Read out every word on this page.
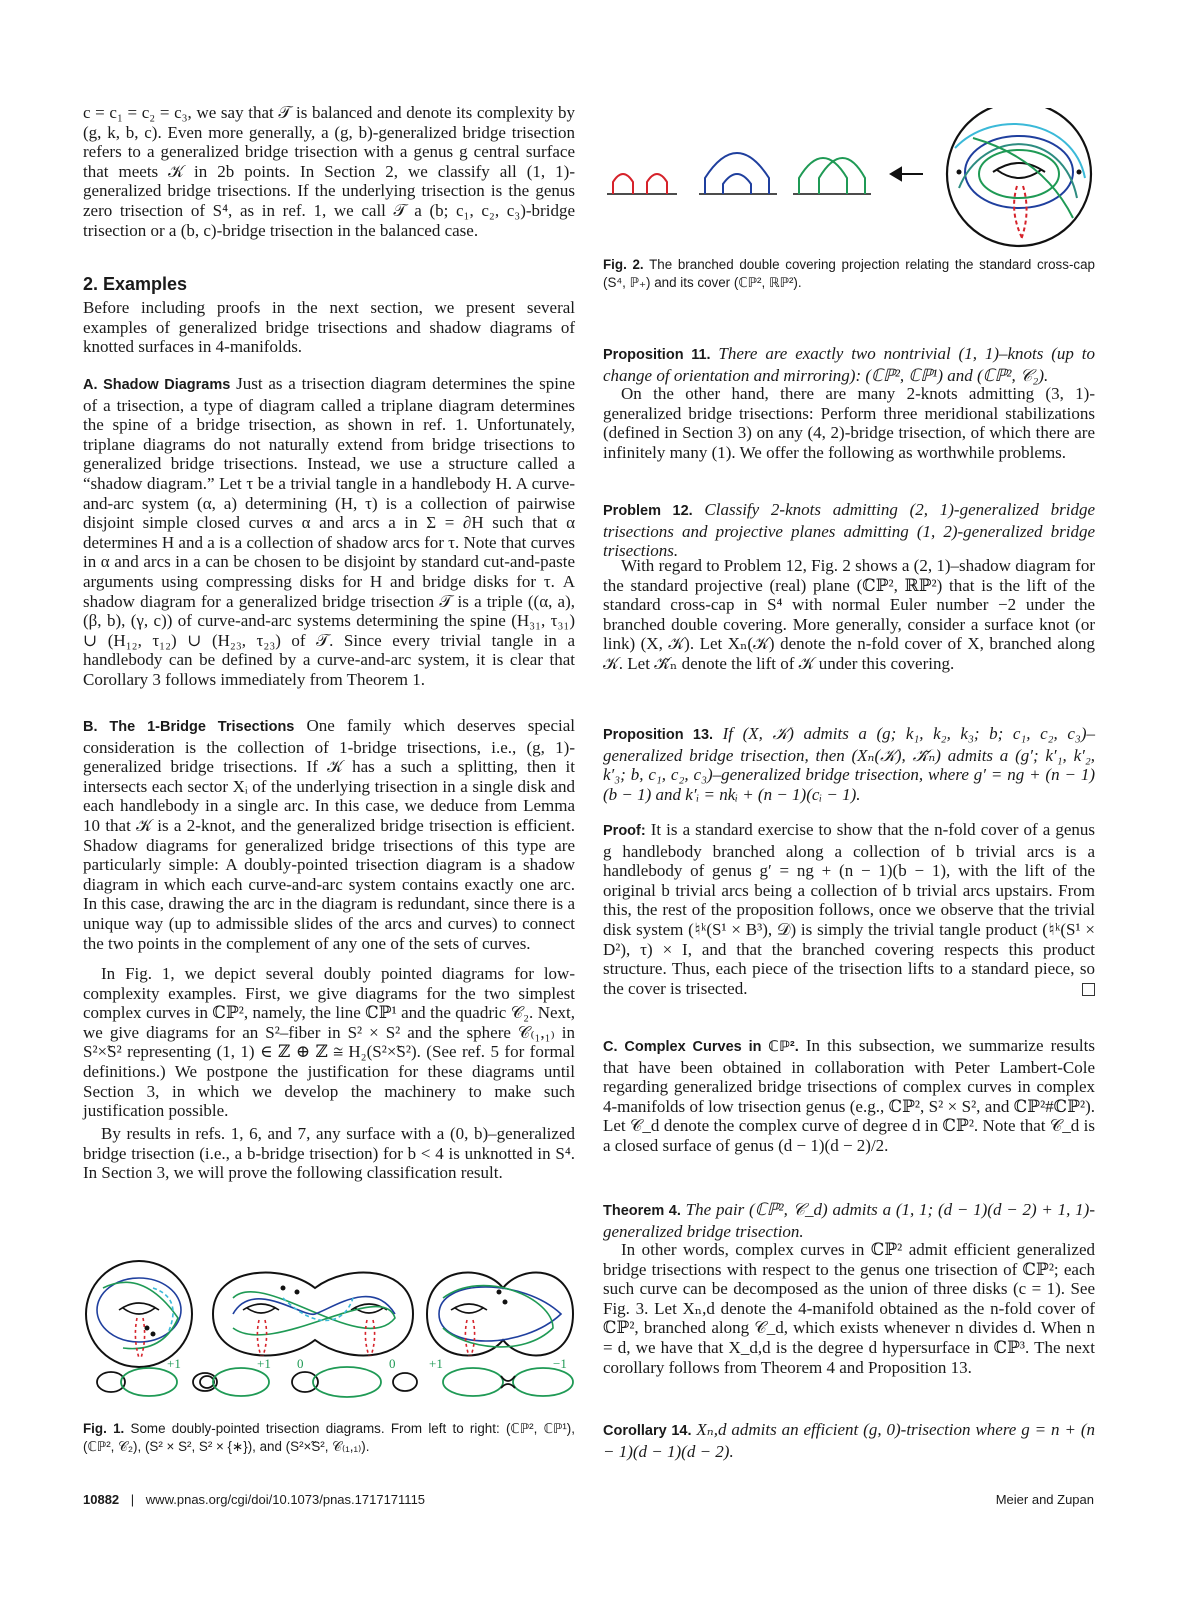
c = c₁ = c₂ = c₃, we say that 𝒯 is balanced and denote its complexity by (g, k, b, c). Even more generally, a (g, b)-generalized bridge trisection refers to a generalized bridge trisection with a genus g central surface that meets 𝒦 in 2b points. In Section 2, we classify all (1, 1)-generalized bridge trisections. If the underlying trisection is the genus zero trisection of S⁴, as in ref. 1, we call 𝒯 a (b; c₁, c₂, c₃)-bridge trisection or a (b, c)-bridge trisection in the balanced case.

2. Examples

Before including proofs in the next section, we present several examples of generalized bridge trisections and shadow diagrams of knotted surfaces in 4-manifolds.

A. Shadow Diagrams Just as a trisection diagram determines the spine of a trisection, a type of diagram called a triplane diagram determines the spine of a bridge trisection, as shown in ref. 1. Unfortunately, triplane diagrams do not naturally extend from bridge trisections to generalized bridge trisections. Instead, we use a structure called a “shadow diagram.” Let τ be a trivial tangle in a handlebody H. A curve-and-arc system (α, a) determining (H, τ) is a collection of pairwise disjoint simple closed curves α and arcs a in Σ = ∂H such that α determines H and a is a collection of shadow arcs for τ. Note that curves in α and arcs in a can be chosen to be disjoint by standard cut-and-paste arguments using compressing disks for H and bridge disks for τ. A shadow diagram for a generalized bridge trisection 𝒯 is a triple ((α, a), (β, b), (γ, c)) of curve-and-arc systems determining the spine (H₃₁, τ₃₁) ∪ (H₁₂, τ₁₂) ∪ (H₂₃, τ₂₃) of 𝒯. Since every trivial tangle in a handlebody can be defined by a curve-and-arc system, it is clear that Corollary 3 follows immediately from Theorem 1.

B. The 1-Bridge Trisections One family which deserves special consideration is the collection of 1-bridge trisections, i.e., (g, 1)-generalized bridge trisections. If 𝒦 has a such a splitting, then it intersects each sector Xᵢ of the underlying trisection in a single disk and each handlebody in a single arc. In this case, we deduce from Lemma 10 that 𝒦 is a 2-knot, and the generalized bridge trisection is efficient. Shadow diagrams for generalized bridge trisections of this type are particularly simple: A doubly-pointed trisection diagram is a shadow diagram in which each curve-and-arc system contains exactly one arc. In this case, drawing the arc in the diagram is redundant, since there is a unique way (up to admissible slides of the arcs and curves) to connect the two points in the complement of any one of the sets of curves.

In Fig. 1, we depict several doubly pointed diagrams for low-complexity examples. First, we give diagrams for the two simplest complex curves in ℂℙ², namely, the line ℂℙ¹ and the quadric 𝒞₂. Next, we give diagrams for an S²–fiber in S² × S² and the sphere 𝒞₍₁,₁₎ in S²×̃S² representing (1, 1) ∈ ℤ ⊕ ℤ ≅ H₂(S²×̃S²). (See ref. 5 for formal definitions.) We postpone the justification for these diagrams until Section 3, in which we develop the machinery to make such justification possible.

By results in refs. 1, 6, and 7, any surface with a (0, b)–generalized bridge trisection (i.e., a b-bridge trisection) for b < 4 is unknotted in S⁴. In Section 3, we will prove the following classification result.

+1	+1 0	0	+1	−1

Fig. 1. Some doubly-pointed trisection diagrams. From left to right: (ℂℙ², ℂℙ¹), (ℂℙ², 𝒞₂), (S² × S², S² × {∗}), and (S²×̃S², 𝒞₍₁,₁₎).

Fig. 2. The branched double covering projection relating the standard cross-cap (S⁴, ℙ₊) and its cover (ℂℙ², ℝℙ²).

Proposition 11. There are exactly two nontrivial (1, 1)–knots (up to change of orientation and mirroring): (ℂℙ², ℂℙ¹) and (ℂℙ², 𝒞₂).

On the other hand, there are many 2-knots admitting (3, 1)-generalized bridge trisections: Perform three meridional stabilizations (defined in Section 3) on any (4, 2)-bridge trisection, of which there are infinitely many (1). We offer the following as worthwhile problems.

Problem 12. Classify 2-knots admitting (2, 1)-generalized bridge trisections and projective planes admitting (1, 2)-generalized bridge trisections.

With regard to Problem 12, Fig. 2 shows a (2, 1)–shadow diagram for the standard projective (real) plane (ℂℙ², ℝℙ²) that is the lift of the standard cross-cap in S⁴ with normal Euler number −2 under the branched double covering. More generally, consider a surface knot (or link) (X, 𝒦). Let Xₙ(𝒦) denote the n-fold cover of X, branched along 𝒦. Let 𝒦̃ₙ denote the lift of 𝒦 under this covering.

Proposition 13. If (X, 𝒦) admits a (g; k₁, k₂, k₃; b; c₁, c₂, c₃)–generalized bridge trisection, then (Xₙ(𝒦), 𝒦̃ₙ) admits a (g′; k′₁, k′₂, k′₃; b, c₁, c₂, c₃)–generalized bridge trisection, where g′ = ng + (n − 1)(b − 1) and k′ᵢ = nkᵢ + (n − 1)(cᵢ − 1).

Proof: It is a standard exercise to show that the n-fold cover of a genus g handlebody branched along a collection of b trivial arcs is a handlebody of genus g′ = ng + (n − 1)(b − 1), with the lift of the original b trivial arcs being a collection of b trivial arcs upstairs. From this, the rest of the proposition follows, once we observe that the trivial disk system (♮ᵏ(S¹ × B³), 𝒟) is simply the trivial tangle product (♮ᵏ(S¹ × D²), τ) × I, and that the branched covering respects this product structure. Thus, each piece of the trisection lifts to a standard piece, so the cover is trisected.

C. Complex Curves in ℂℙ². In this subsection, we summarize results that have been obtained in collaboration with Peter Lambert-Cole regarding generalized bridge trisections of complex curves in complex 4-manifolds of low trisection genus (e.g., ℂℙ², S² × S², and ℂℙ²#ℂℙ²). Let 𝒞_d denote the complex curve of degree d in ℂℙ². Note that 𝒞_d is a closed surface of genus (d − 1)(d − 2)/2.

Theorem 4. The pair (ℂℙ², 𝒞_d) admits a (1, 1; (d − 1)(d − 2) + 1, 1)-generalized bridge trisection.

In other words, complex curves in ℂℙ² admit efficient generalized bridge trisections with respect to the genus one trisection of ℂℙ²; each such curve can be decomposed as the union of three disks (c = 1). See Fig. 3. Let Xₙ,d denote the 4-manifold obtained as the n-fold cover of ℂℙ², branched along 𝒞_d, which exists whenever n divides d. When n = d, we have that X_d,d is the degree d hypersurface in ℂℙ³. The next corollary follows from Theorem 4 and Proposition 13.

Corollary 14. Xₙ,d admits an efficient (g, 0)-trisection where g = n + (n − 1)(d − 1)(d − 2).

10882 | www.pnas.org/cgi/doi/10.1073/pnas.1717171115	Meier and Zupan
